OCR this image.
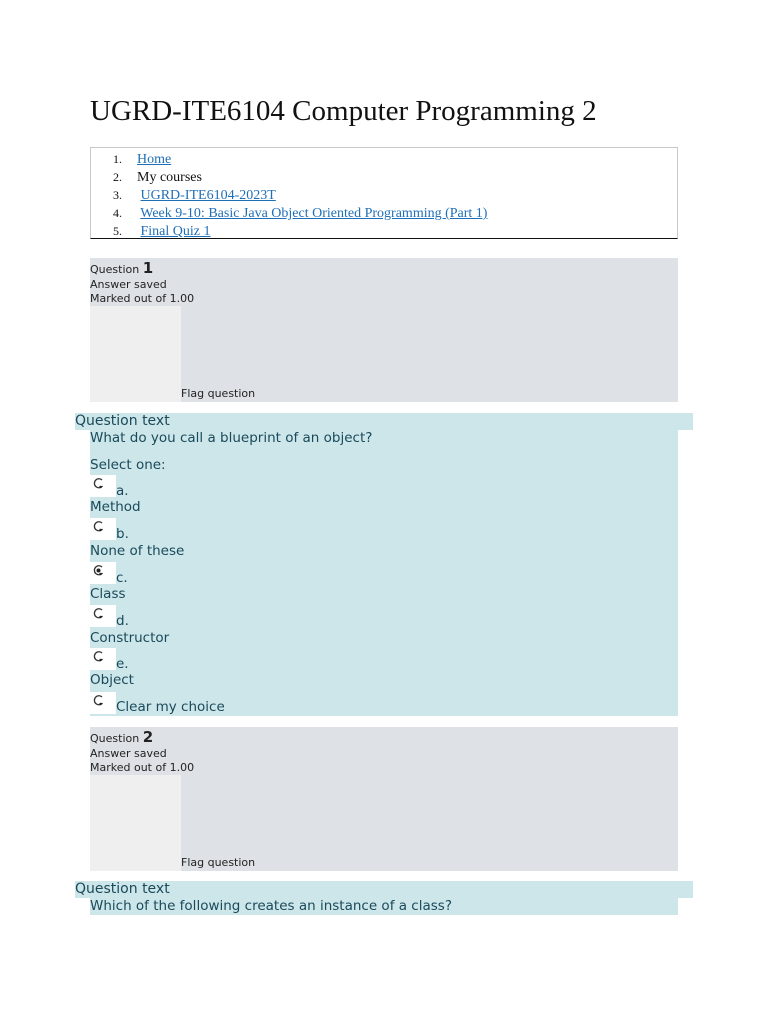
UGRD-ITE6104 Computer Programming 2
1. Home
2. My courses
3. UGRD-ITE6104-2023T
4. Week 9-10: Basic Java Object Oriented Programming (Part 1)
5. Final Quiz 1
Question 1
Answer saved
Marked out of 1.00
Flag question
Question text
What do you call a blueprint of an object?
Select one:
a.
Method
b.
None of these
c.
Class
d.
Constructor
e.
Object
Clear my choice
Question 2
Answer saved
Marked out of 1.00
Flag question
Question text
Which of the following creates an instance of a class?
